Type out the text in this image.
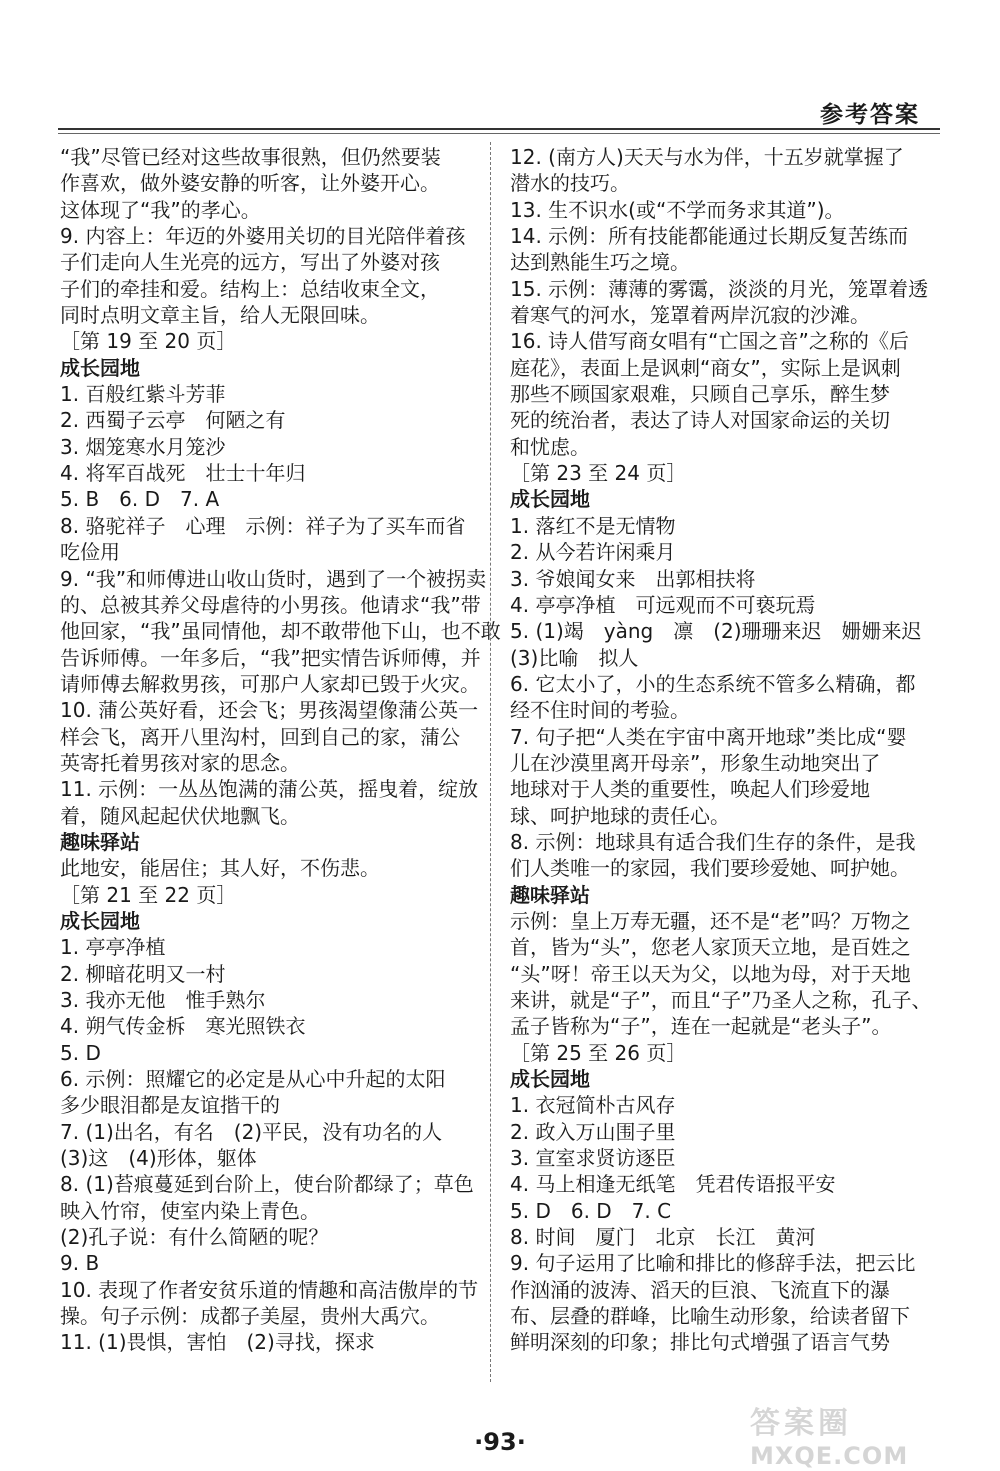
参考答案
“我”尽管已经对这些故事很熟，但仍然要装
作喜欢，做外婆安静的听客，让外婆开心。
这体现了“我”的孝心。
9. 内容上：年迈的外婆用关切的目光陪伴着孩
子们走向人生光亮的远方，写出了外婆对孩
子们的牵挂和爱。结构上：总结收束全文，
同时点明文章主旨，给人无限回味。
［第 19 至 20 页］
成长园地
1. 百般红紫斗芳菲
2. 西蜀子云亭　何陋之有
3. 烟笼寒水月笼沙
4. 将军百战死　壮士十年归
5. B　6. D　7. A
8. 骆驼祥子　心理　示例：祥子为了买车而省
吃俭用
9. “我”和师傅进山收山货时，遇到了一个被拐卖
的、总被其养父母虐待的小男孩。他请求“我”带
他回家，“我”虽同情他，却不敢带他下山，也不敢
告诉师傅。一年多后，“我”把实情告诉师傅，并
请师傅去解救男孩，可那户人家却已毁于火灾。
10. 蒲公英好看，还会飞；男孩渴望像蒲公英一
样会飞，离开八里沟村，回到自己的家，蒲公
英寄托着男孩对家的思念。
11. 示例：一丛丛饱满的蒲公英，摇曳着，绽放
着，随风起起伏伏地飘飞。
趣味驿站
此地安，能居住；其人好，不伤悲。
［第 21 至 22 页］
成长园地
1. 亭亭净植
2. 柳暗花明又一村
3. 我亦无他　惟手熟尔
4. 朔气传金柝　寒光照铁衣
5. D
6. 示例：照耀它的必定是从心中升起的太阳
多少眼泪都是友谊揩干的
7. (1)出名，有名　(2)平民，没有功名的人
(3)这　(4)形体，躯体
8. (1)苔痕蔓延到台阶上，使台阶都绿了；草色
映入竹帘，使室内染上青色。
(2)孔子说：有什么简陋的呢？
9. B
10. 表现了作者安贫乐道的情趣和高洁傲岸的节
操。句子示例：成都子美屋，贵州大禹穴。
11. (1)畏惧，害怕　(2)寻找，探求
12. (南方人)天天与水为伴，十五岁就掌握了
潜水的技巧。
13. 生不识水(或“不学而务求其道”)。
14. 示例：所有技能都能通过长期反复苦练而
达到熟能生巧之境。
15. 示例：薄薄的雾霭，淡淡的月光，笼罩着透
着寒气的河水，笼罩着两岸沉寂的沙滩。
16. 诗人借写商女唱有“亡国之音”之称的《后
庭花》，表面上是讽刺“商女”，实际上是讽刺
那些不顾国家艰难，只顾自己享乐，醉生梦
死的统治者，表达了诗人对国家命运的关切
和忧虑。
［第 23 至 24 页］
成长园地
1. 落红不是无情物
2. 从今若许闲乘月
3. 爷娘闻女来　出郭相扶将
4. 亭亭净植　可远观而不可亵玩焉
5. (1)竭　yàng　凛　(2)珊珊来迟　姗姗来迟
(3)比喻　拟人
6. 它太小了，小的生态系统不管多么精确，都
经不住时间的考验。
7. 句子把“人类在宇宙中离开地球”类比成“婴
儿在沙漠里离开母亲”，形象生动地突出了
地球对于人类的重要性，唤起人们珍爱地
球、呵护地球的责任心。
8. 示例：地球具有适合我们生存的条件，是我
们人类唯一的家园，我们要珍爱她、呵护她。
趣味驿站
示例：皇上万寿无疆，还不是“老”吗？万物之
首，皆为“头”，您老人家顶天立地，是百姓之
“头”呀！帝王以天为父，以地为母，对于天地
来讲，就是“子”，而且“子”乃圣人之称，孔子、
孟子皆称为“子”，连在一起就是“老头子”。
［第 25 至 26 页］
成长园地
1. 衣冠简朴古风存
2. 政入万山围子里
3. 宣室求贤访逐臣
4. 马上相逢无纸笔　凭君传语报平安
5. D　6. D　7. C
8. 时间　厦门　北京　长江　黄河
9. 句子运用了比喻和排比的修辞手法，把云比
作汹涌的波涛、滔天的巨浪、飞流直下的瀑
布、层叠的群峰，比喻生动形象，给读者留下
鲜明深刻的印象；排比句式增强了语言气势
·93·
答案圈
MXQE.COM
